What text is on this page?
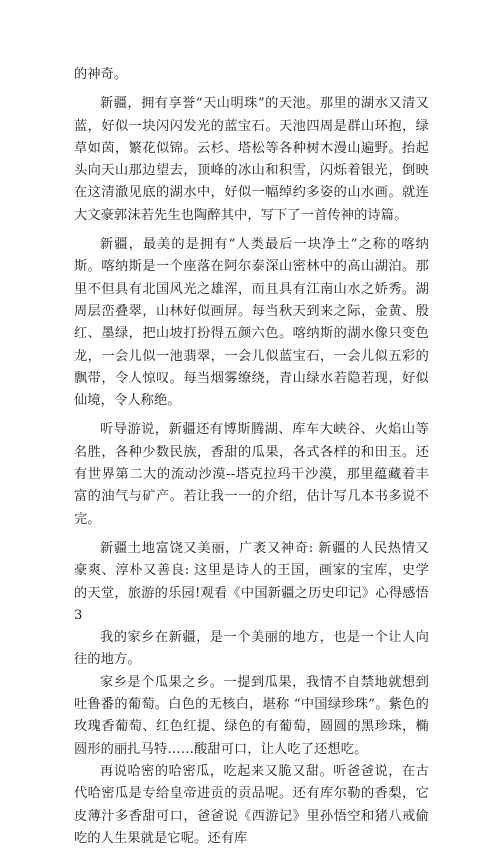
的神奇。

新疆，拥有享誉“天山明珠”的天池。那里的湖水又清又蓝，好似一块闪闪发光的蓝宝石。天池四周是群山环抱，绿草如茵，繁花似锦。云杉、塔松等各种树木漫山遍野。抬起头向天山那边望去，顶峰的冰山和积雪，闪烁着银光，倒映在这清澈见底的湖水中，好似一幅绰约多姿的山水画。就连大文豪郭沫若先生也陶醉其中，写下了一首传神的诗篇。

新疆，最美的是拥有“人类最后一块净土”之称的喀纳斯。喀纳斯是一个座落在阿尔泰深山密林中的高山湖泊。那里不但具有北国风光之雄浑，而且具有江南山水之娇秀。湖周层峦叠翠，山林好似画屏。每当秋天到来之际，金黄、殷红、墨绿，把山坡打扮得五颜六色。喀纳斯的湖水像只变色龙，一会儿似一池翡翠，一会儿似蓝宝石，一会儿似五彩的飘带，令人惊叹。每当烟雾缭绕，青山绿水若隐若现，好似仙境，令人称绝。

听导游说，新疆还有博斯腾湖、库车大峡谷、火焰山等名胜，各种少数民族，香甜的瓜果，各式各样的和田玉。还有世界第二大的流动沙漠--塔克拉玛干沙漠，那里蕴藏着丰富的油气与矿产。若让我一一的介绍，估计写几本书多说不完。

新疆土地富饶又美丽，广袤又神奇: 新疆的人民热情又豪爽、淳朴又善良: 这里是诗人的王国，画家的宝库，史学的天堂，旅游的乐园!观看《中国新疆之历史印记》心得感悟 3

我的家乡在新疆，是一个美丽的地方，也是一个让人向往的地方。

家乡是个瓜果之乡。一提到瓜果，我情不自禁地就想到吐鲁番的葡萄。白色的无核白，堪称 “中国绿珍珠”。紫色的玫瑰香葡萄、红色红提、绿色的有葡萄，圆圆的黑珍珠，椭圆形的丽扎马特……酸甜可口，让人吃了还想吃。

再说哈密的哈密瓜，吃起来又脆又甜。听爸爸说，在古代哈密瓜是专给皇帝进贡的贡品呢。还有库尔勒的香梨，它皮薄汁多香甜可口，爸爸说《西游记》里孙悟空和猪八戒偷吃的人生果就是它呢。还有库
